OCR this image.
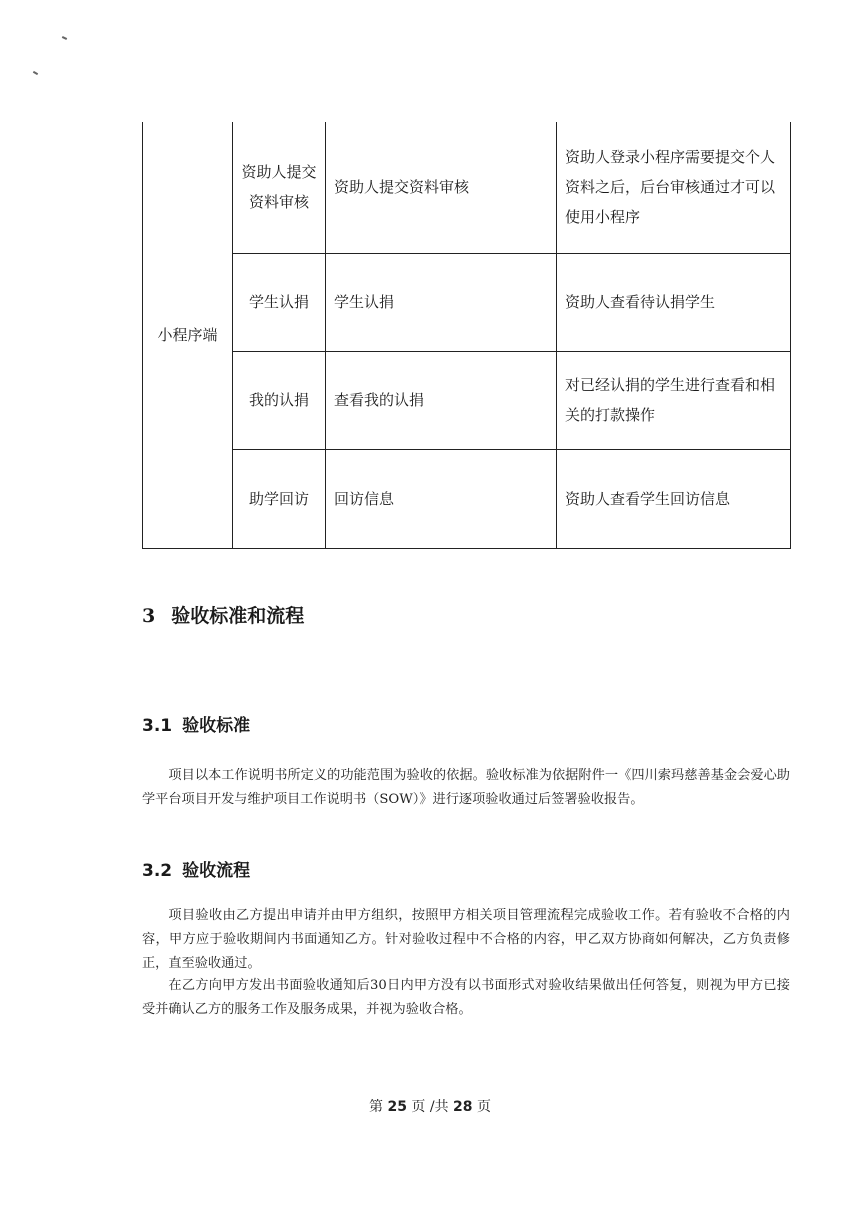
小程序端	资助人提交资料审核	资助人提交资料审核	资助人登录小程序需要提交个人资料之后，后台审核通过才可以使用小程序
	学生认捐	学生认捐	资助人查看待认捐学生
	我的认捐	查看我的认捐	对已经认捐的学生进行查看和相关的打款操作
	助学回访	回访信息	资助人查看学生回访信息
3 验收标准和流程
3.1 验收标准
项目以本工作说明书所定义的功能范围为验收的依据。验收标准为依据附件一《四川索玛慈善基金会爱心助学平台项目开发与维护项目工作说明书（SOW）》进行逐项验收通过后签署验收报告。
3.2 验收流程
项目验收由乙方提出申请并由甲方组织，按照甲方相关项目管理流程完成验收工作。若有验收不合格的内容，甲方应于验收期间内书面通知乙方。针对验收过程中不合格的内容，甲乙双方协商如何解决，乙方负责修正，直至验收通过。
在乙方向甲方发出书面验收通知后30日内甲方没有以书面形式对验收结果做出任何答复，则视为甲方已接受并确认乙方的服务工作及服务成果，并视为验收合格。
第 25 页 /共 28 页
